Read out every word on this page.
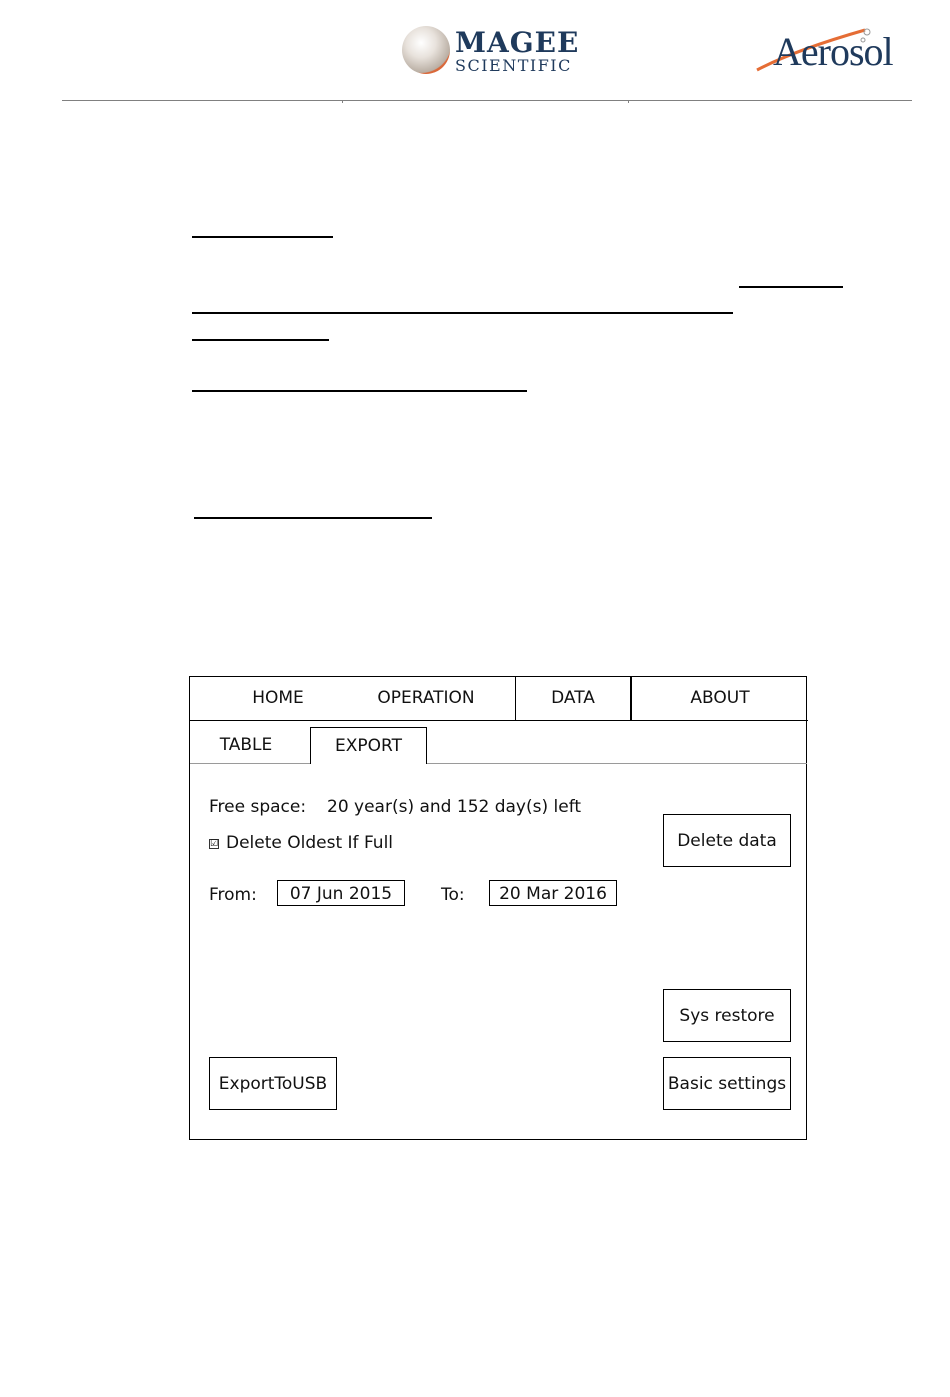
MAGEE
SCIENTIFIC	Aerosol
HOME	OPERATION	DATA	ABOUT
TABLE	EXPORT
Free space: 20 year(s) and 152 day(s) left
☑ Delete Oldest If Full
From:	07 Jun 2015	To:	20 Mar 2016
Delete data
Sys restore
ExportToUSB	Basic settings
